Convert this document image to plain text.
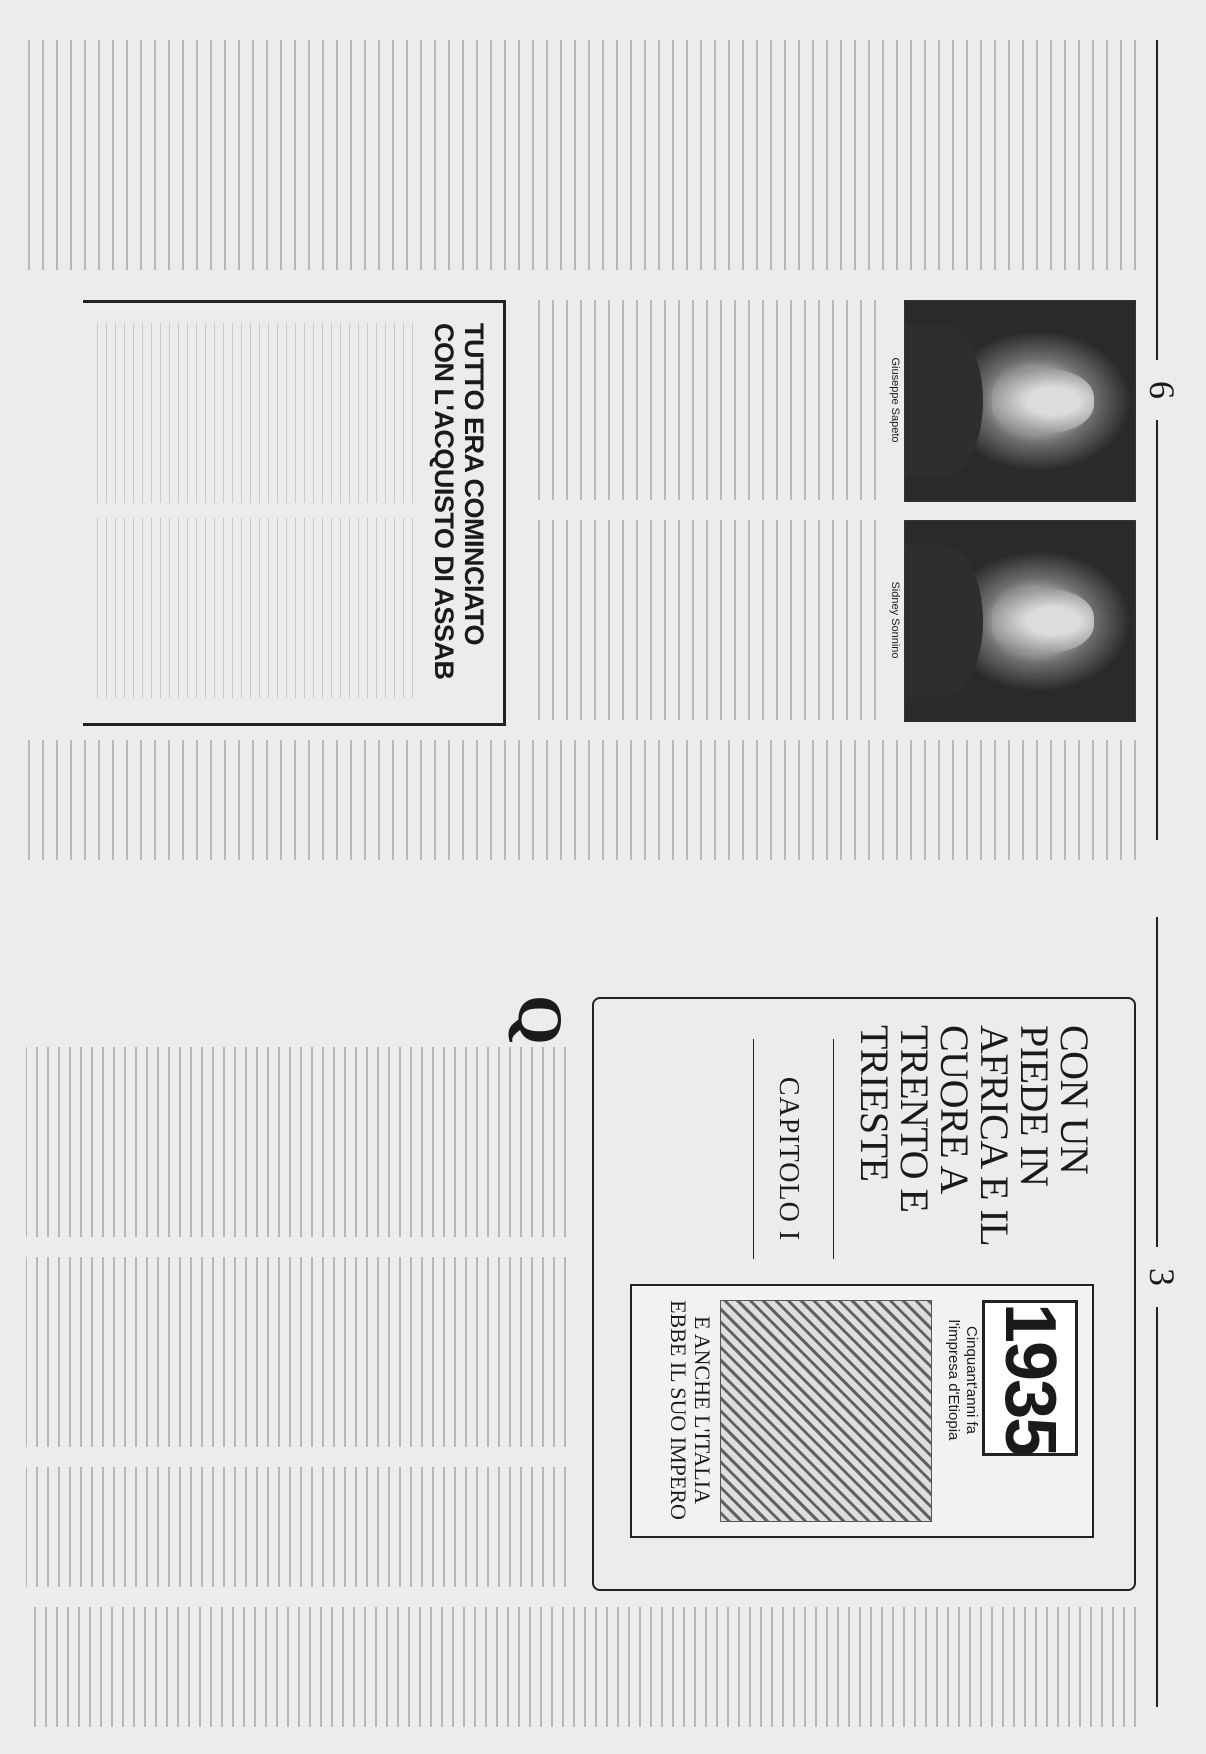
6
Giuseppe Sapeto
Sidney Sonnino
TUTTO ERA COMINCIATO CON L'ACQUISTO DI ASSAB
3
CON UN PIEDE IN AFRICA E IL CUORE A TRENTO E TRIESTE
CAPITOLO I
1935
Cinquant'anni fa l'impresa d'Etiopia
E ANCHE L'ITALIA EBBE IL SUO IMPERO
Q
